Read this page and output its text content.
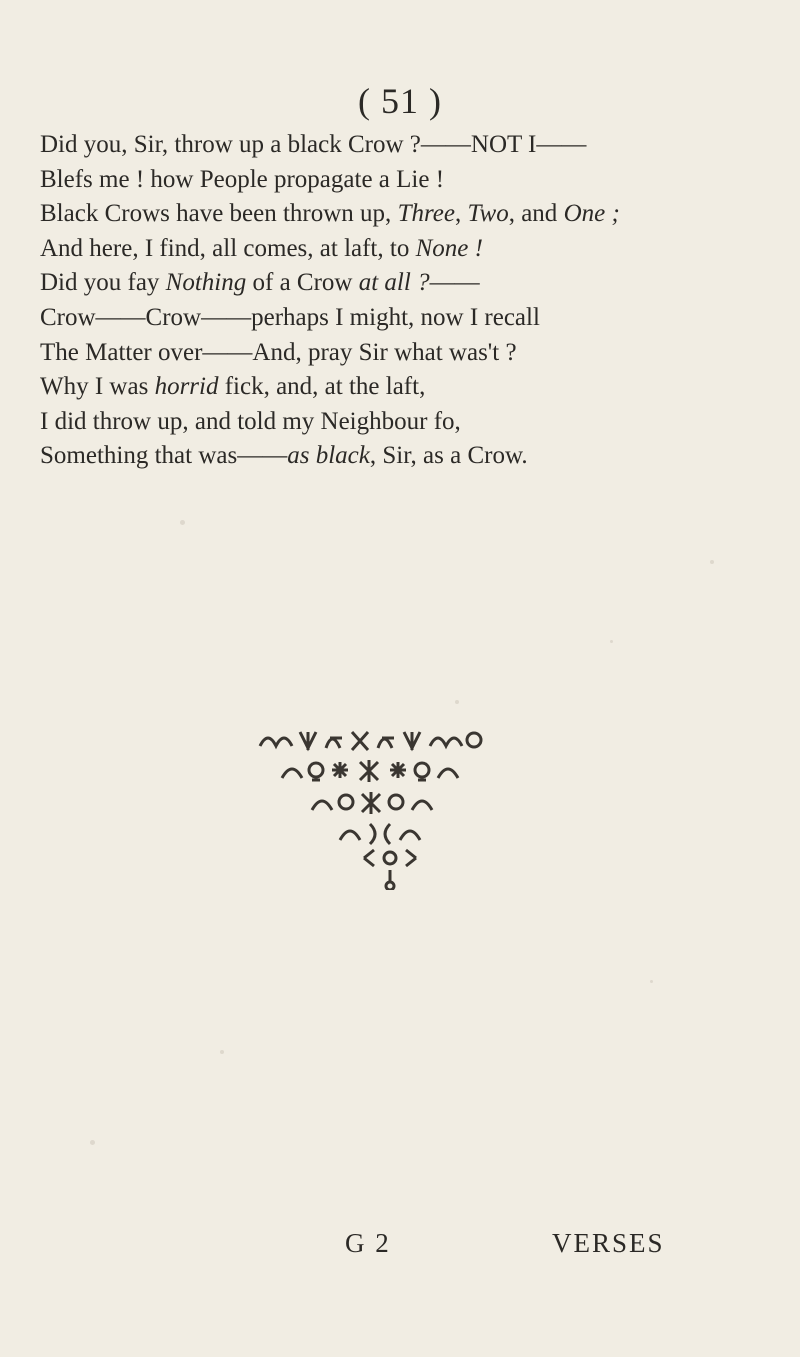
( 51 )

Did you, Sir, throw up a black Crow ?——NOT I——

Blefs me ! how People propagate a Lie !

Black Crows have been thrown up, Three, Two, and One ;

And here, I find, all comes, at laft, to None !

Did you fay Nothing of a Crow at all ?——

Crow——Crow——perhaps I might, now I recall

The Matter over——And, pray Sir what was't ?

Why I was horrid fick, and, at the laft,

I did throw up, and told my Neighbour fo,

Something that was——as black, Sir, as a Crow.

G 2	VERSES
